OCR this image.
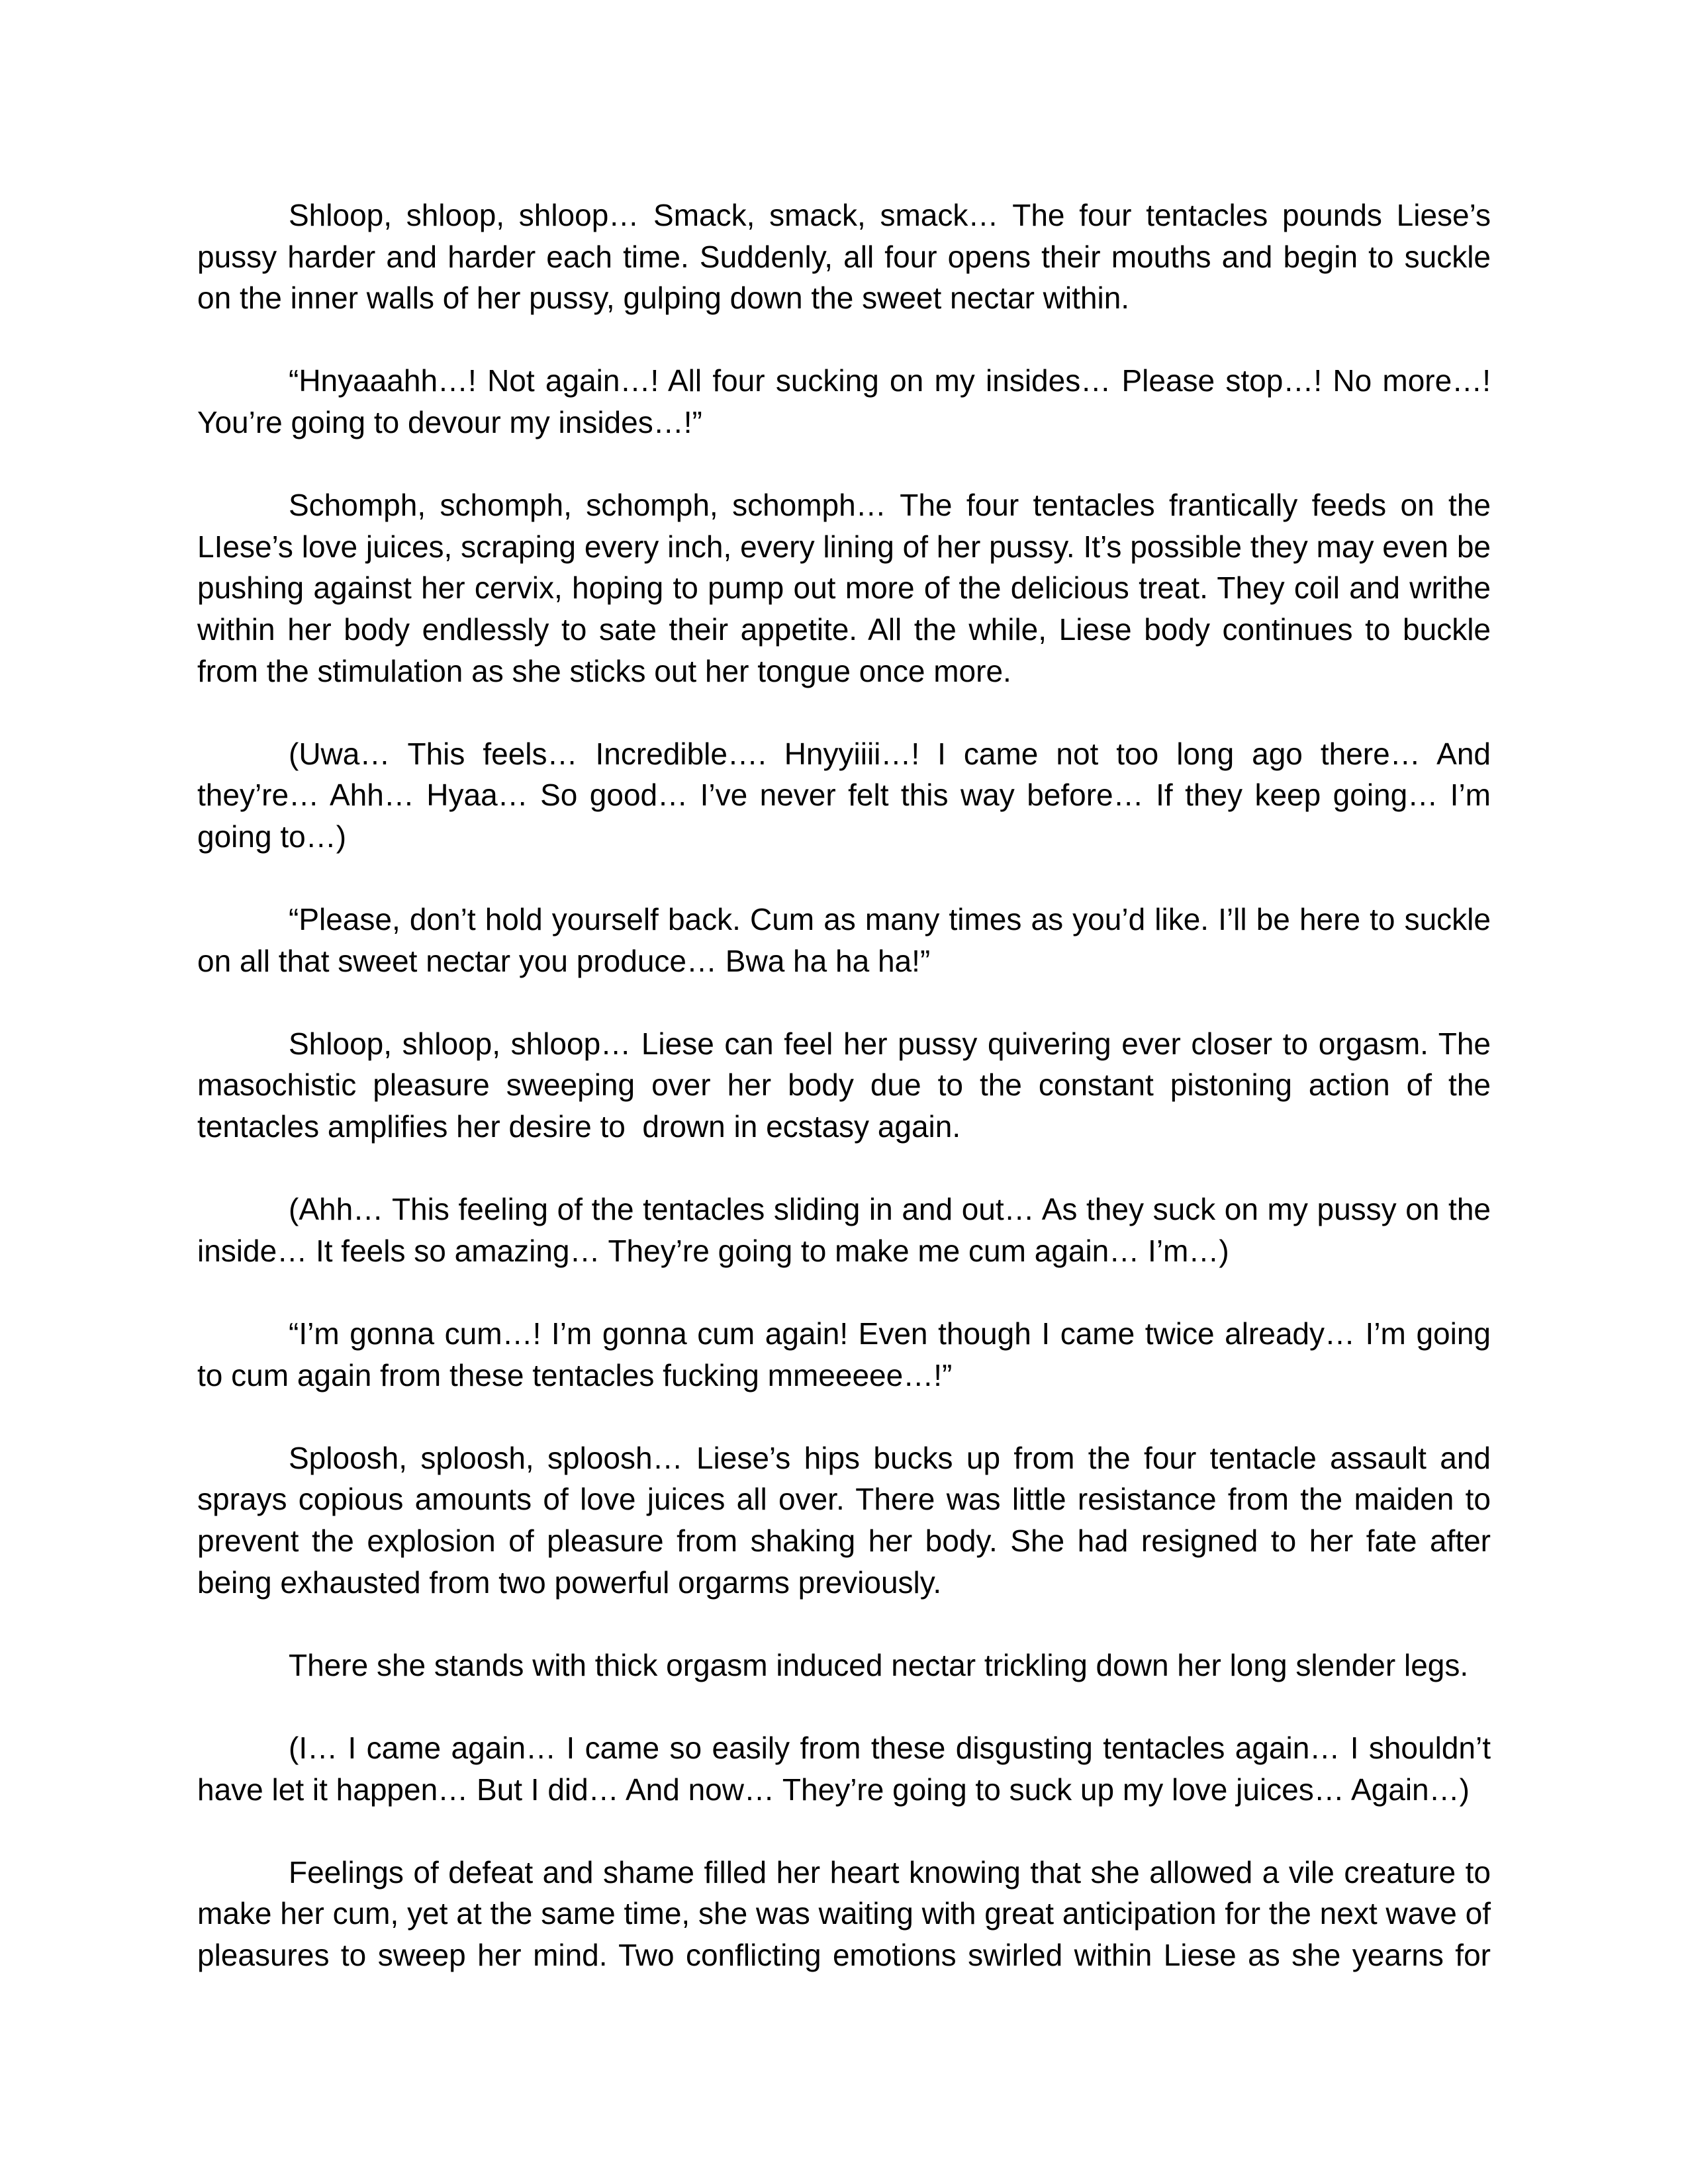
Shloop, shloop, shloop… Smack, smack, smack… The four tentacles pounds Liese’s
pussy harder and harder each time. Suddenly, all four opens their mouths and begin to suckle
on the inner walls of her pussy, gulping down the sweet nectar within.
“Hnyaaahh…! Not again…! All four sucking on my insides… Please stop…! No more…!
You’re going to devour my insides…!”
Schomph, schomph, schomph, schomph… The four tentacles frantically feeds on the
LIese’s love juices, scraping every inch, every lining of her pussy. It’s possible they may even be
pushing against her cervix, hoping to pump out more of the delicious treat. They coil and writhe
within her body endlessly to sate their appetite. All the while, Liese body continues to buckle
from the stimulation as she sticks out her tongue once more.
(Uwa… This feels… Incredible…. Hnyyiiii…! I came not too long ago there… And
they’re… Ahh… Hyaa… So good… I’ve never felt this way before… If they keep going… I’m
going to…)
“Please, don’t hold yourself back. Cum as many times as you’d like. I’ll be here to suckle
on all that sweet nectar you produce… Bwa ha ha ha!”
Shloop, shloop, shloop… Liese can feel her pussy quivering ever closer to orgasm. The
masochistic pleasure sweeping over her body due to the constant pistoning action of the
tentacles amplifies her desire to  drown in ecstasy again.
(Ahh… This feeling of the tentacles sliding in and out… As they suck on my pussy on the
inside… It feels so amazing… They’re going to make me cum again… I’m…)
“I’m gonna cum…! I’m gonna cum again! Even though I came twice already… I’m going
to cum again from these tentacles fucking mmeeeee…!”
Sploosh, sploosh, sploosh… Liese’s hips bucks up from the four tentacle assault and
sprays copious amounts of love juices all over. There was little resistance from the maiden to
prevent the explosion of pleasure from shaking her body. She had resigned to her fate after
being exhausted from two powerful orgarms previously.
There she stands with thick orgasm induced nectar trickling down her long slender legs.
(I… I came again… I came so easily from these disgusting tentacles again… I shouldn’t
have let it happen… But I did… And now… They’re going to suck up my love juices… Again…)
Feelings of defeat and shame filled her heart knowing that she allowed a vile creature to
make her cum, yet at the same time, she was waiting with great anticipation for the next wave of
pleasures to sweep her mind. Two conflicting emotions swirled within Liese as she yearns for
